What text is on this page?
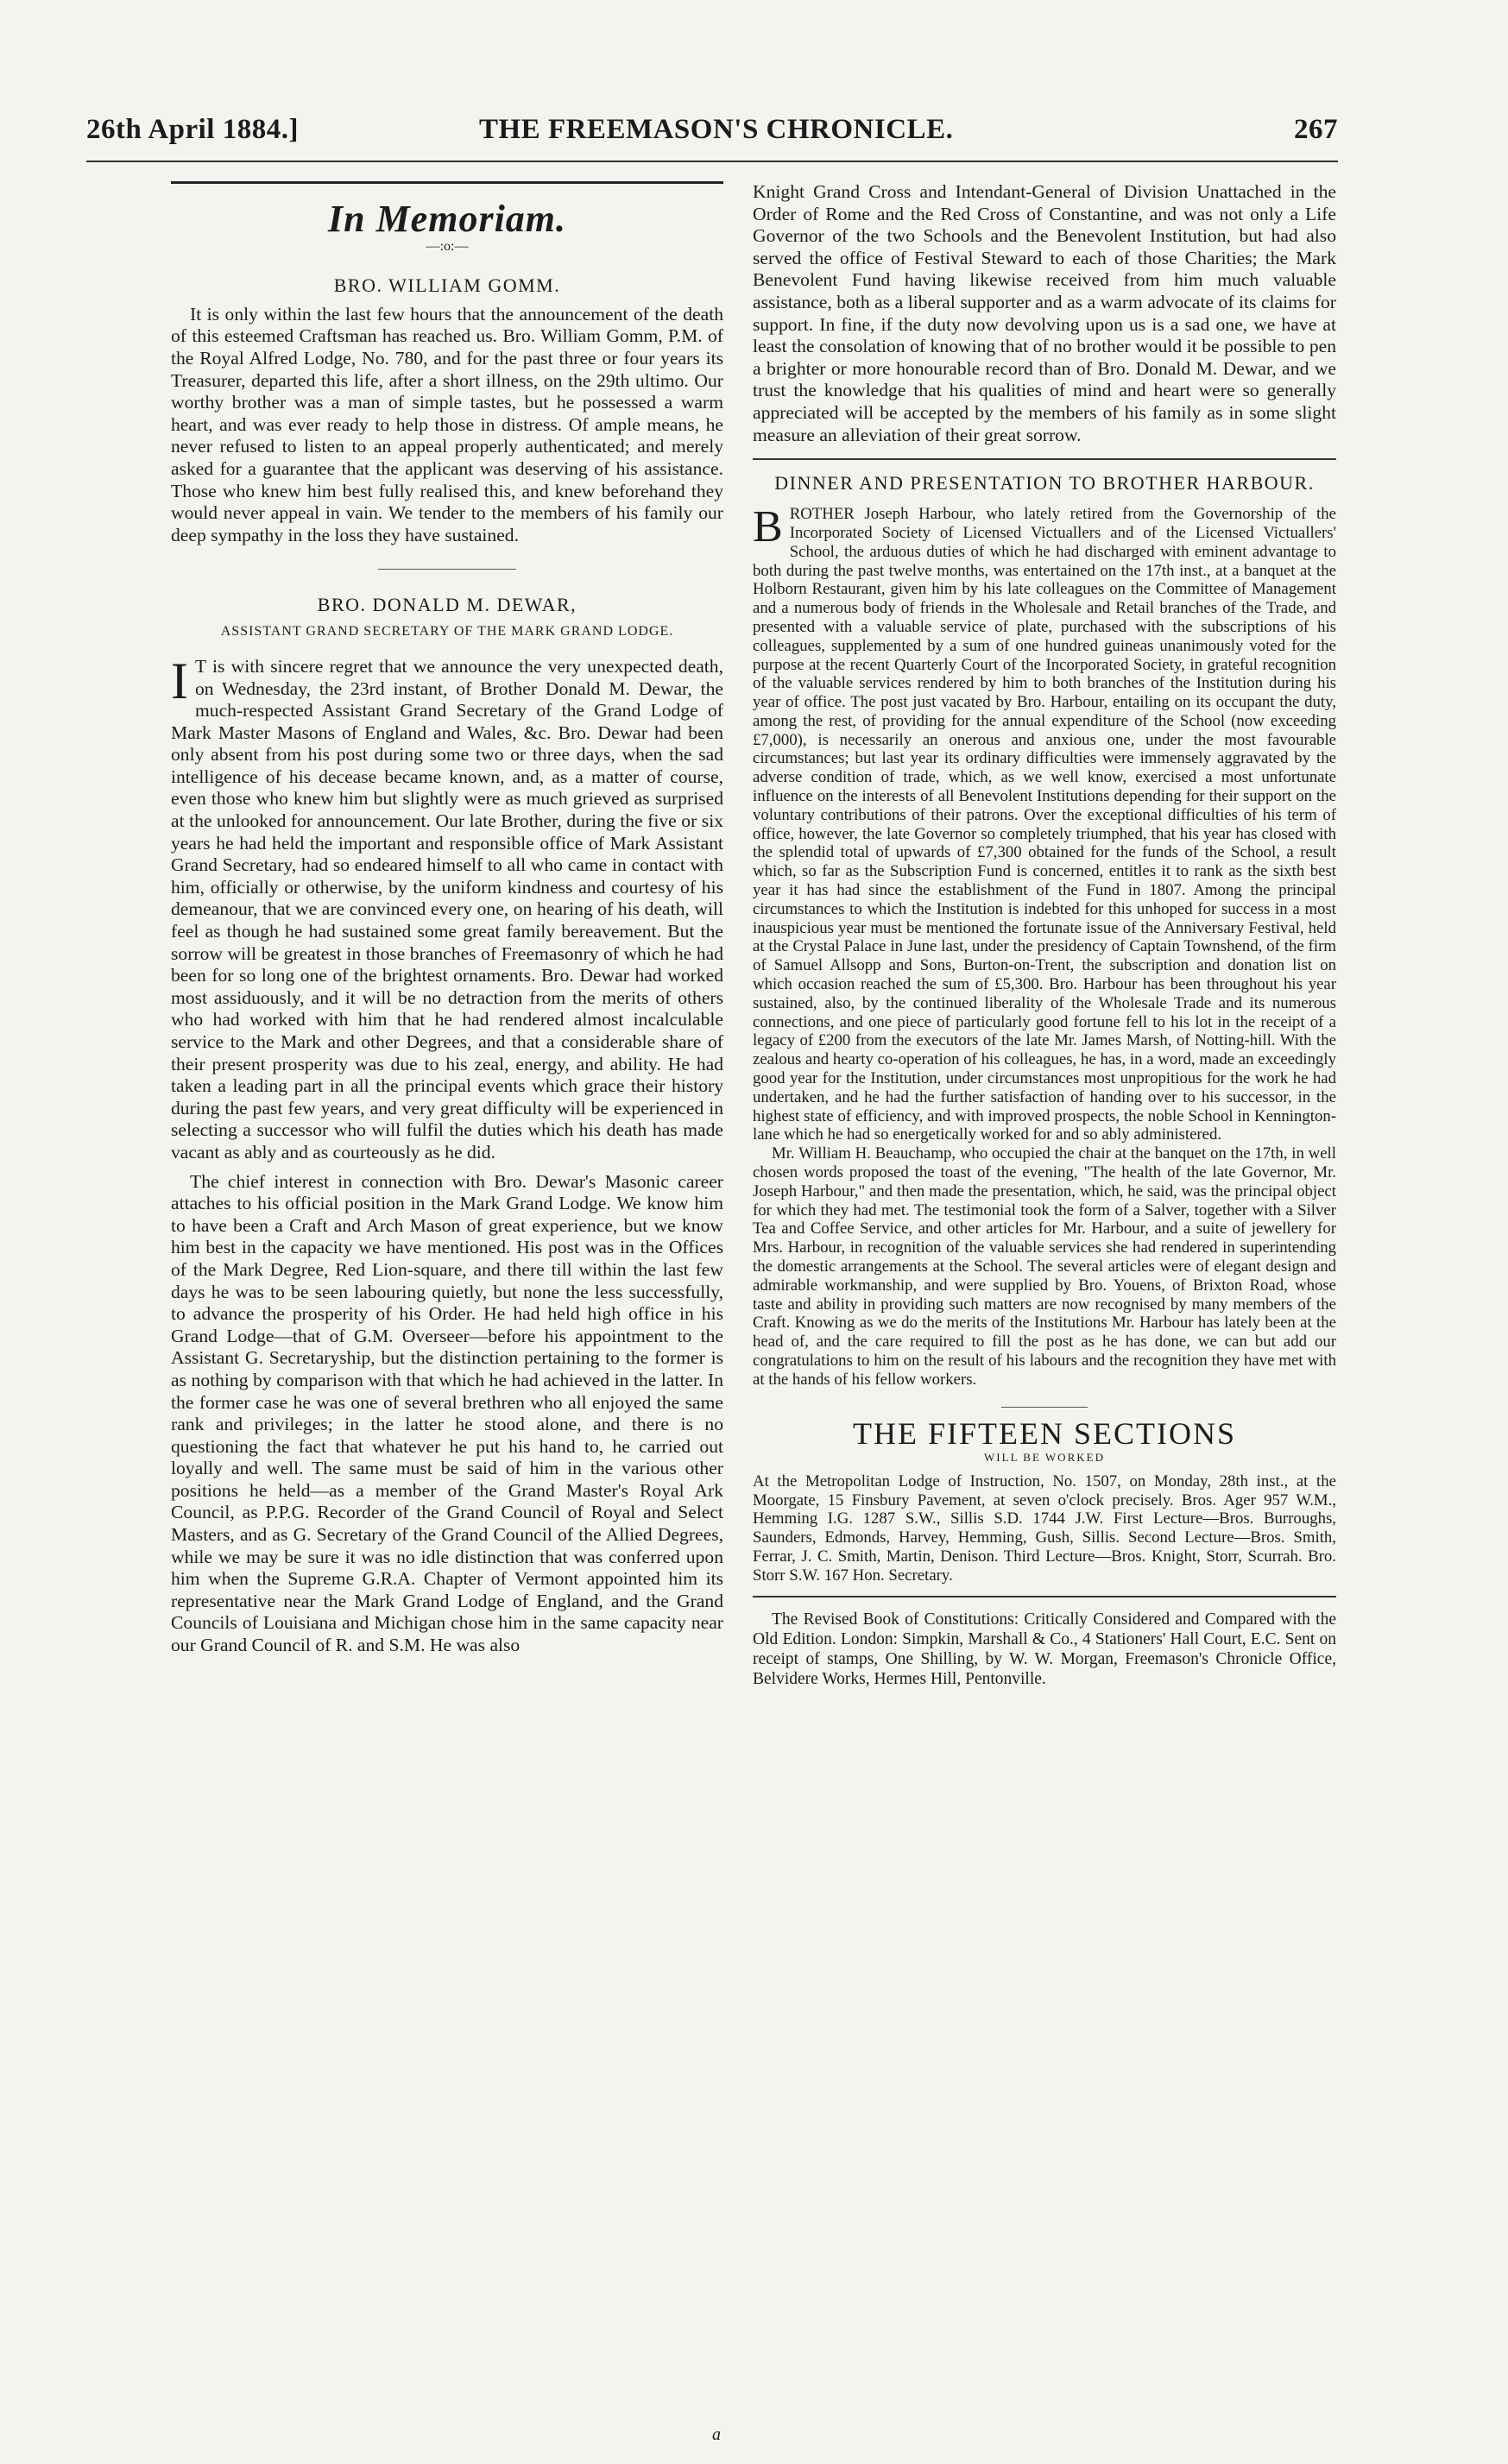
26th April 1884.]	THE FREEMASON'S CHRONICLE.	267
In Memoriam.
—:o:—
BRO. WILLIAM GOMM.

It is only within the last few hours that the announcement of the death of this esteemed Craftsman has reached us. Bro. William Gomm, P.M. of the Royal Alfred Lodge, No. 780, and for the past three or four years its Treasurer, departed this life, after a short illness, on the 29th ultimo. Our worthy brother was a man of simple tastes, but he possessed a warm heart, and was ever ready to help those in distress. Of ample means, he never refused to listen to an appeal properly authenticated; and merely asked for a guarantee that the applicant was deserving of his assistance. Those who knew him best fully realised this, and knew beforehand they would never appeal in vain. We tender to the members of his family our deep sympathy in the loss they have sustained.

BRO. DONALD M. DEWAR,
ASSISTANT GRAND SECRETARY OF THE MARK GRAND LODGE.

I T is with sincere regret that we announce the very unexpected death, on Wednesday, the 23rd instant, of Brother Donald M. Dewar, the much-respected Assistant Grand Secretary of the Grand Lodge of Mark Master Masons of England and Wales, &c. Bro. Dewar had been only absent from his post during some two or three days, when the sad intelligence of his decease became known, and, as a matter of course, even those who knew him but slightly were as much grieved as surprised at the unlooked for announcement. Our late Brother, during the five or six years he had held the important and responsible office of Mark Assistant Grand Secretary, had so endeared himself to all who came in contact with him, officially or otherwise, by the uniform kindness and courtesy of his demeanour, that we are convinced every one, on hearing of his death, will feel as though he had sustained some great family bereavement. But the sorrow will be greatest in those branches of Freemasonry of which he had been for so long one of the brightest ornaments. Bro. Dewar had worked most assiduously, and it will be no detraction from the merits of others who had worked with him that he had rendered almost incalculable service to the Mark and other Degrees, and that a considerable share of their present prosperity was due to his zeal, energy, and ability. He had taken a leading part in all the principal events which grace their history during the past few years, and very great difficulty will be experienced in selecting a successor who will fulfil the duties which his death has made vacant as ably and as courteously as he did.

The chief interest in connection with Bro. Dewar's Masonic career attaches to his official position in the Mark Grand Lodge. We know him to have been a Craft and Arch Mason of great experience, but we know him best in the capacity we have mentioned. His post was in the Offices of the Mark Degree, Red Lion-square, and there till within the last few days he was to be seen labouring quietly, but none the less successfully, to advance the prosperity of his Order. He had held high office in his Grand Lodge—that of G.M. Overseer—before his appointment to the Assistant G. Secretaryship, but the distinction pertaining to the former is as nothing by comparison with that which he had achieved in the latter. In the former case he was one of several brethren who all enjoyed the same rank and privileges; in the latter he stood alone, and there is no questioning the fact that whatever he put his hand to, he carried out loyally and well. The same must be said of him in the various other positions he held—as a member of the Grand Master's Royal Ark Council, as P.P.G. Recorder of the Grand Council of Royal and Select Masters, and as G. Secretary of the Grand Council of the Allied Degrees, while we may be sure it was no idle distinction that was conferred upon him when the Supreme G.R.A. Chapter of Vermont appointed him its representative near the Mark Grand Lodge of England, and the Grand Councils of Louisiana and Michigan chose him in the same capacity near our Grand Council of R. and S.M. He was also

Knight Grand Cross and Intendant-General of Division Unattached in the Order of Rome and the Red Cross of Constantine, and was not only a Life Governor of the two Schools and the Benevolent Institution, but had also served the office of Festival Steward to each of those Charities; the Mark Benevolent Fund having likewise received from him much valuable assistance, both as a liberal supporter and as a warm advocate of its claims for support. In fine, if the duty now devolving upon us is a sad one, we have at least the consolation of knowing that of no brother would it be possible to pen a brighter or more honourable record than of Bro. Donald M. Dewar, and we trust the knowledge that his qualities of mind and heart were so generally appreciated will be accepted by the members of his family as in some slight measure an alleviation of their great sorrow.

DINNER AND PRESENTATION TO BROTHER HARBOUR.

BROTHER Joseph Harbour, who lately retired from the Governorship of the Incorporated Society of Licensed Victuallers and of the Licensed Victuallers' School, the arduous duties of which he had discharged with eminent advantage to both during the past twelve months, was entertained on the 17th inst., at a banquet at the Holborn Restaurant, given him by his late colleagues on the Committee of Management and a numerous body of friends in the Wholesale and Retail branches of the Trade, and presented with a valuable service of plate, purchased with the subscriptions of his colleagues, supplemented by a sum of one hundred guineas unanimously voted for the purpose at the recent Quarterly Court of the Incorporated Society, in grateful recognition of the valuable services rendered by him to both branches of the Institution during his year of office. The post just vacated by Bro. Harbour, entailing on its occupant the duty, among the rest, of providing for the annual expenditure of the School (now exceeding £7,000), is necessarily an onerous and anxious one, under the most favourable circumstances; but last year its ordinary difficulties were immensely aggravated by the adverse condition of trade, which, as we well know, exercised a most unfortunate influence on the interests of all Benevolent Institutions depending for their support on the voluntary contributions of their patrons. Over the exceptional difficulties of his term of office, however, the late Governor so completely triumphed, that his year has closed with the splendid total of upwards of £7,300 obtained for the funds of the School, a result which, so far as the Subscription Fund is concerned, entitles it to rank as the sixth best year it has had since the establishment of the Fund in 1807. Among the principal circumstances to which the Institution is indebted for this unhoped for success in a most inauspicious year must be mentioned the fortunate issue of the Anniversary Festival, held at the Crystal Palace in June last, under the presidency of Captain Townshend, of the firm of Samuel Allsopp and Sons, Burton-on-Trent, the subscription and donation list on which occasion reached the sum of £5,300. Bro. Harbour has been throughout his year sustained, also, by the continued liberality of the Wholesale Trade and its numerous connections, and one piece of particularly good fortune fell to his lot in the receipt of a legacy of £200 from the executors of the late Mr. James Marsh, of Notting-hill. With the zealous and hearty co-operation of his colleagues, he has, in a word, made an exceedingly good year for the Institution, under circumstances most unpropitious for the work he had undertaken, and he had the further satisfaction of handing over to his successor, in the highest state of efficiency, and with improved prospects, the noble School in Kennington-lane which he had so energetically worked for and so ably administered.

Mr. William H. Beauchamp, who occupied the chair at the banquet on the 17th, in well chosen words proposed the toast of the evening, "The health of the late Governor, Mr. Joseph Harbour," and then made the presentation, which, he said, was the principal object for which they had met. The testimonial took the form of a Salver, together with a Silver Tea and Coffee Service, and other articles for Mr. Harbour, and a suite of jewellery for Mrs. Harbour, in recognition of the valuable services she had rendered in superintending the domestic arrangements at the School. The several articles were of elegant design and admirable workmanship, and were supplied by Bro. Youens, of Brixton Road, whose taste and ability in providing such matters are now recognised by many members of the Craft. Knowing as we do the merits of the Institutions Mr. Harbour has lately been at the head of, and the care required to fill the post as he has done, we can but add our congratulations to him on the result of his labours and the recognition they have met with at the hands of his fellow workers.

THE FIFTEEN SECTIONS
WILL BE WORKED

At the Metropolitan Lodge of Instruction, No. 1507, on Monday, 28th inst., at the Moorgate, 15 Finsbury Pavement, at seven o'clock precisely. Bros. Ager 957 W.M., Hemming I.G. 1287 S.W., Sillis S.D. 1744 J.W. First Lecture—Bros. Burroughs, Saunders, Edmonds, Harvey, Hemming, Gush, Sillis. Second Lecture—Bros. Smith, Ferrar, J. C. Smith, Martin, Denison. Third Lecture—Bros. Knight, Storr, Scurrah. Bro. Storr S.W. 167 Hon. Secretary.

The Revised Book of Constitutions: Critically Considered and Compared with the Old Edition. London: Simpkin, Marshall & Co., 4 Stationers' Hall Court, E.C. Sent on receipt of stamps, One Shilling, by W. W. Morgan, Freemason's Chronicle Office, Belvidere Works, Hermes Hill, Pentonville.

a
